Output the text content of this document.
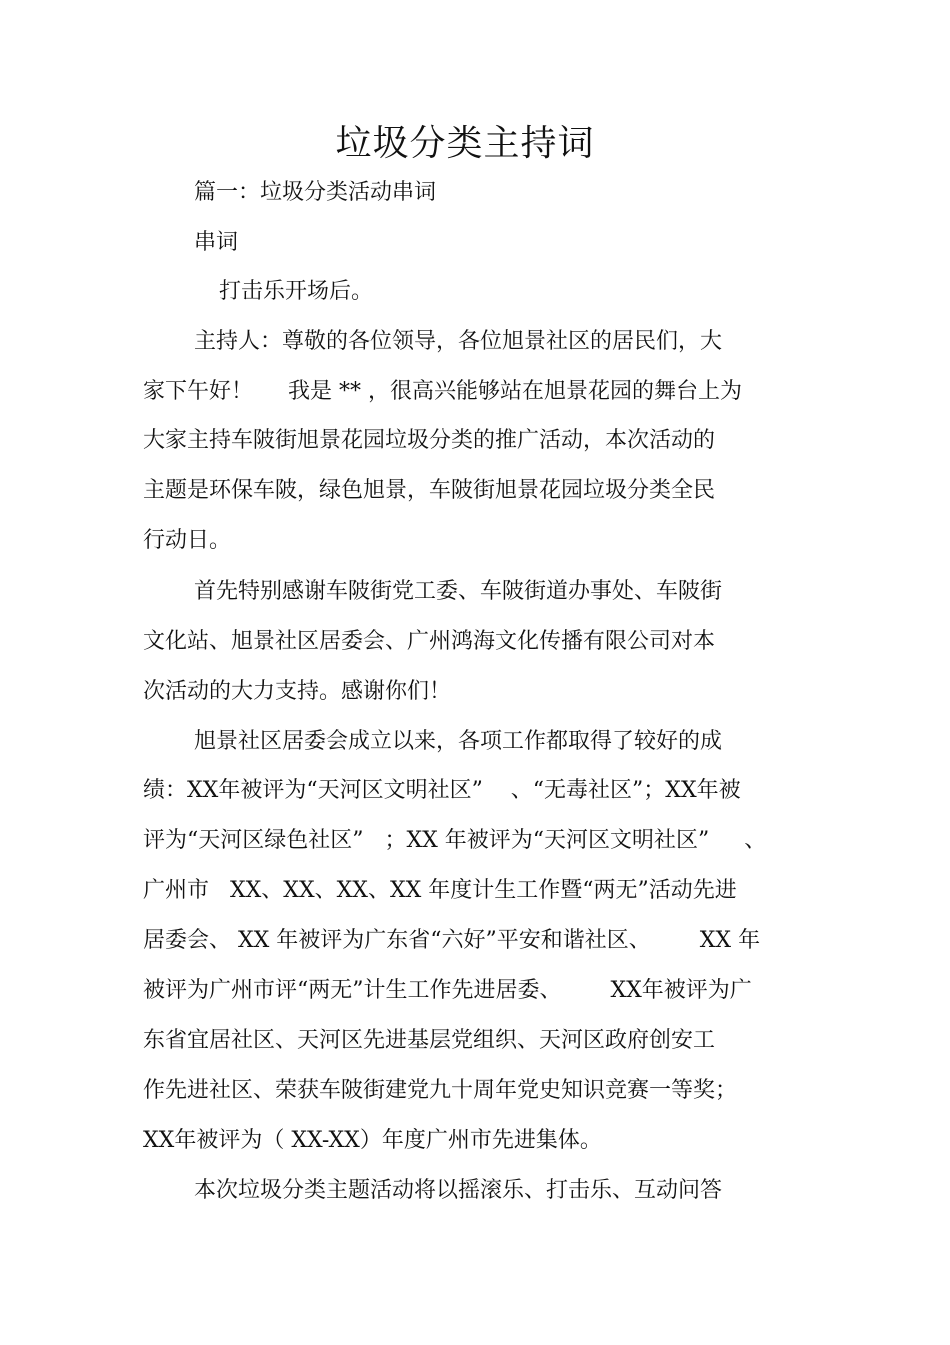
垃圾分类主持词
篇一：垃圾分类活动串词
串词
打击乐开场后。
主持人：尊敬的各位领导，各位旭景社区的居民们，大
家下午好！     我是 ** ，很高兴能够站在旭景花园的舞台上为
大家主持车陂街旭景花园垃圾分类的推广活动，本次活动的
主题是环保车陂，绿色旭景，车陂街旭景花园垃圾分类全民
行动日。
首先特别感谢车陂街党工委、车陂街道办事处、车陂街
文化站、旭景社区居委会、广州鸿海文化传播有限公司对本
次活动的大力支持。感谢你们！
旭景社区居委会成立以来，各项工作都取得了较好的成
绩：XX年被评为“天河区文明社区”    、“无毒社区”；XX年被
评为“天河区绿色社区”   ；XX 年被评为“天河区文明社区”     、
广州市   XX、XX、XX、XX 年度计生工作暨“两无”活动先进
居委会、 XX 年被评为广东省“六好”平安和谐社区、       XX 年
被评为广州市评“两无”计生工作先进居委、       XX年被评为广
东省宜居社区、天河区先进基层党组织、天河区政府创安工
作先进社区、荣获车陂街建党九十周年党史知识竞赛一等奖；
XX年被评为（ XX-XX）年度广州市先进集体。
本次垃圾分类主题活动将以摇滚乐、打击乐、互动问答
